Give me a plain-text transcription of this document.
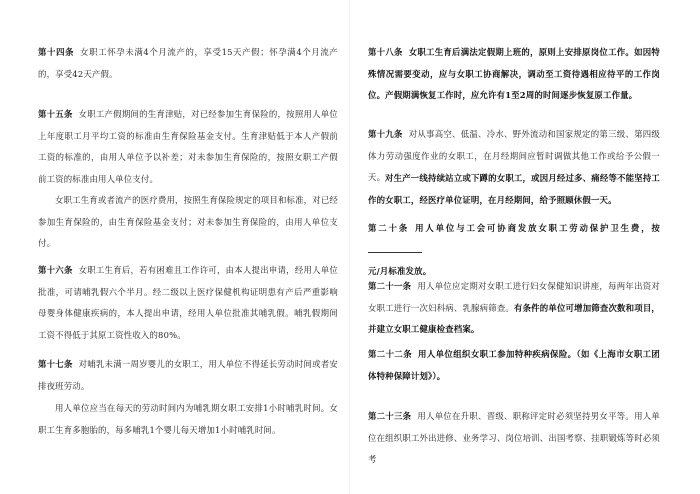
第十四条 女职工怀孕未满4个月流产的，享受15天产假；怀孕满4个月流产的，享受42天产假。
第十五条 女职工产假期间的生育津贴，对已经参加生育保险的，按照用人单位上年度职工月平均工资的标准由生育保险基金支付。生育津贴低于本人产假前工资的标准的，由用人单位予以补差；对未参加生育保险的，按照女职工产假前工资的标准由用人单位支付。
女职工生育或者流产的医疗费用，按照生育保险规定的项目和标准，对已经参加生育保险的，由生育保险基金支付；对未参加生育保险的，由用人单位支付。
第十六条 女职工生育后，若有困难且工作许可，由本人提出申请，经用人单位批准，可请哺乳假六个半月。经二级以上医疗保健机构证明患有产后严重影响母婴身体健康疾病的，本人提出申请，经用人单位批准其哺乳假。哺乳假期间工资不得低于其原工资性收入的80%。
第十七条 对哺乳未满一周岁婴儿的女职工，用人单位不得延长劳动时间或者安排夜班劳动。
用人单位应当在每天的劳动时间内为哺乳期女职工安排1小时哺乳时间。女职工生育多胞胎的，每多哺乳1个婴儿每天增加1小时哺乳时间。
第十八条 女职工生育后满法定假期上班的，原则上安排原岗位工作。如因特殊情况需要变动，应与女职工协商解决，调动至工资待遇相应待平的工作岗位。产假期满恢复工作时，应允许有1至2周的时间逐步恢复原工作量。
第十九条 对从事高空、低温、冷水、野外流动和国家规定的第三级、第四级体力劳动强度作业的女职工，在月经期间应暂时调做其他工作或给予公假一天。 对生产一线持续站立或下蹲的女职工，或因月经过多、痛经等不能坚持工作的女职工，经医疗单位证明，在月经期间，给予照顾休假一天。
第二十条 用人单位与工会可协商发放女职工劳动保护卫生费，按
元/月标准发放。
第二十一条 用人单位应定期对女职工进行妇女保健知识讲座，每两年出资对女职工进行一次妇科病、乳腺病筛查。有条件的单位可增加筛查次数和项目，并建立女职工健康检查档案。
第二十二条 用人单位组织女职工参加特种疾病保险。（如《上海市女职工团体特种保障计划》）。
第二十三条 用人单位在升职、晋级、职称评定时必须坚持男女平等。用人单位在组织职工外出进修、业务学习、岗位培训、出国考察、挂职锻炼等时必须考
